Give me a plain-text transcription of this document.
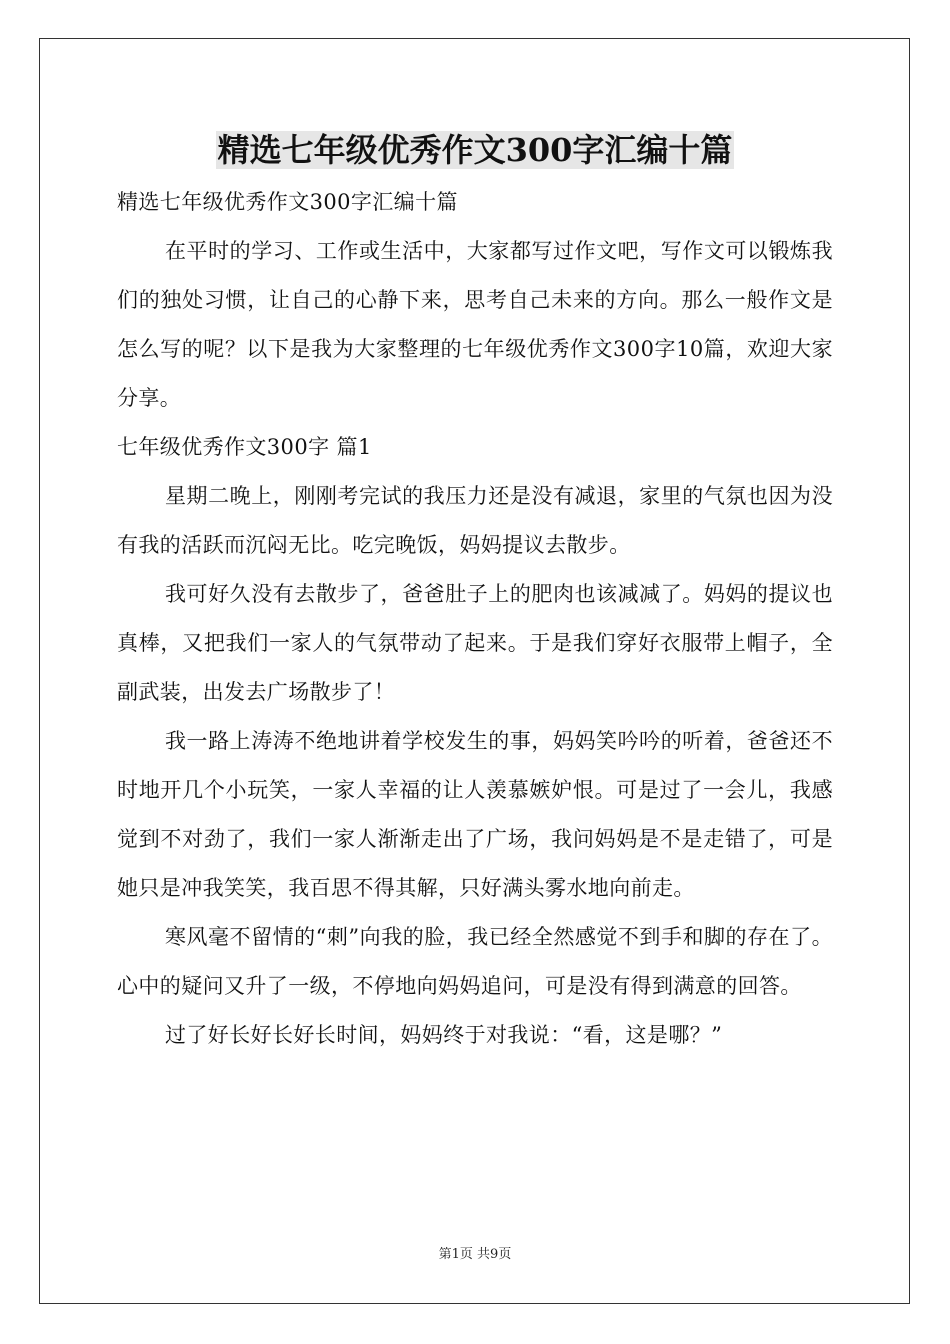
精选七年级优秀作文300字汇编十篇

精选七年级优秀作文300字汇编十篇

在平时的学习、工作或生活中，大家都写过作文吧，写作文可以锻炼我们的独处习惯，让自己的心静下来，思考自己未来的方向。那么一般作文是怎么写的呢？以下是我为大家整理的七年级优秀作文300字10篇，欢迎大家分享。

七年级优秀作文300字 篇1

星期二晚上，刚刚考完试的我压力还是没有减退，家里的气氛也因为没有我的活跃而沉闷无比。吃完晚饭，妈妈提议去散步。

我可好久没有去散步了，爸爸肚子上的肥肉也该减减了。妈妈的提议也真棒，又把我们一家人的气氛带动了起来。于是我们穿好衣服带上帽子，全副武装，出发去广场散步了！

我一路上涛涛不绝地讲着学校发生的事，妈妈笑吟吟的听着，爸爸还不时地开几个小玩笑，一家人幸福的让人羡慕嫉妒恨。可是过了一会儿，我感觉到不对劲了，我们一家人渐渐走出了广场，我问妈妈是不是走错了，可是她只是冲我笑笑，我百思不得其解，只好满头雾水地向前走。

寒风毫不留情的“刺”向我的脸，我已经全然感觉不到手和脚的存在了。心中的疑问又升了一级，不停地向妈妈追问，可是没有得到满意的回答。

过了好长好长好长时间，妈妈终于对我说：“看，这是哪？”

第1页 共9页
